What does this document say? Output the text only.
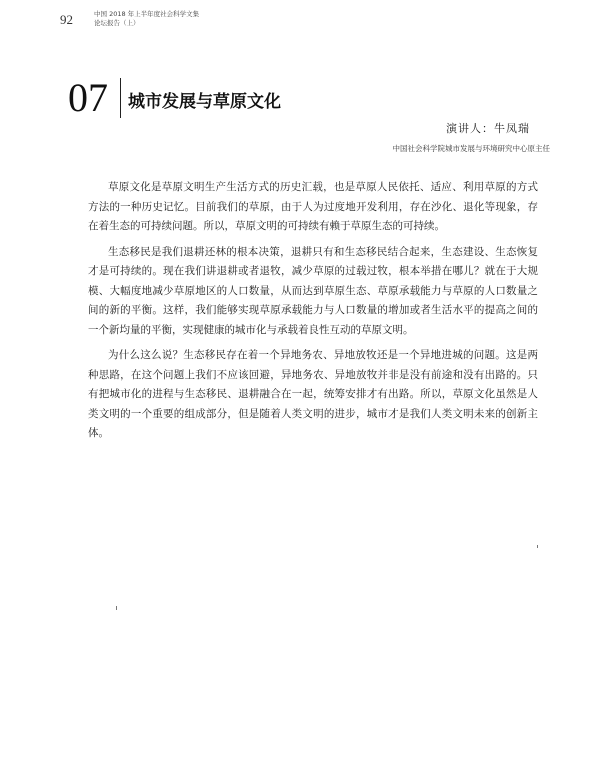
92	中国 2018 年上半年度社会科学文集
论坛报告（上）
07 城市发展与草原文化
演讲人：牛凤瑞
中国社会科学院城市发展与环境研究中心原主任

草原文化是草原文明生产生活方式的历史汇载，也是草原人民依托、适应、利用草原的方式方法的一种历史记忆。目前我们的草原，由于人为过度地开发利用，存在沙化、退化等现象，存在着生态的可持续问题。所以，草原文明的可持续有赖于草原生态的可持续。

生态移民是我们退耕还林的根本决策，退耕只有和生态移民结合起来，生态建设、生态恢复才是可持续的。现在我们讲退耕或者退牧，减少草原的过载过牧，根本举措在哪儿？就在于大规模、大幅度地减少草原地区的人口数量，从而达到草原生态、草原承载能力与草原的人口数量之间的新的平衡。这样，我们能够实现草原承载能力与人口数量的增加或者生活水平的提高之间的一个新均量的平衡，实现健康的城市化与承载着良性互动的草原文明。

为什么这么说？生态移民存在着一个异地务农、异地放牧还是一个异地进城的问题。这是两种思路，在这个问题上我们不应该回避，异地务农、异地放牧并非是没有前途和没有出路的。只有把城市化的进程与生态移民、退耕融合在一起，统筹安排才有出路。所以，草原文化虽然是人类文明的一个重要的组成部分，但是随着人类文明的进步，城市才是我们人类文明未来的创新主体。
